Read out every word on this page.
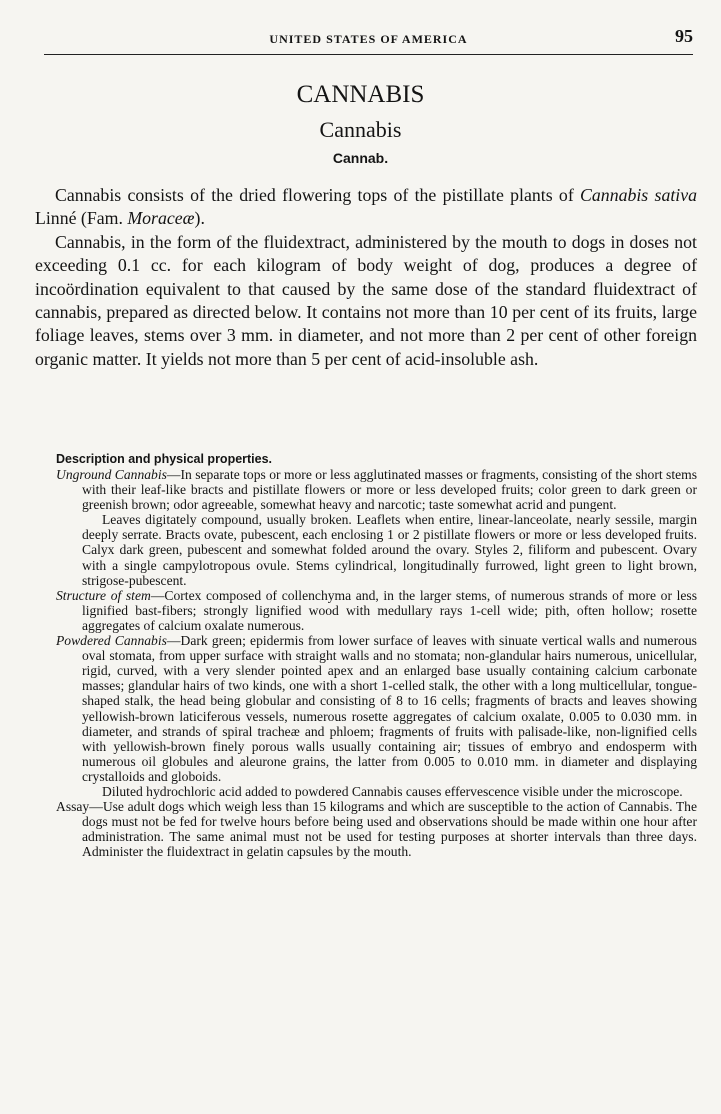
UNITED STATES OF AMERICA	95
CANNABIS
Cannabis
Cannab.

Cannabis consists of the dried flowering tops of the pistillate plants of Cannabis sativa Linné (Fam. Moraceæ).

Cannabis, in the form of the fluidextract, administered by the mouth to dogs in doses not exceeding 0.1 cc. for each kilogram of body weight of dog, produces a degree of incoördination equivalent to that caused by the same dose of the standard fluidextract of cannabis, prepared as directed below. It contains not more than 10 per cent of its fruits, large foliage leaves, stems over 3 mm. in diameter, and not more than 2 per cent of other foreign organic matter. It yields not more than 5 per cent of acid-insoluble ash.

Description and physical properties.

Unground Cannabis—In separate tops or more or less agglutinated masses or fragments, consisting of the short stems with their leaf-like bracts and pistillate flowers or more or less developed fruits; color green to dark green or greenish brown; odor agreeable, somewhat heavy and narcotic; taste somewhat acrid and pungent.

Leaves digitately compound, usually broken. Leaflets when entire, linear-lanceolate, nearly sessile, margin deeply serrate. Bracts ovate, pubescent, each enclosing 1 or 2 pistillate flowers or more or less developed fruits. Calyx dark green, pubescent and somewhat folded around the ovary. Styles 2, filiform and pubescent. Ovary with a single campylotropous ovule. Stems cylindrical, longitudinally furrowed, light green to light brown, strigose-pubescent.

Structure of stem—Cortex composed of collenchyma and, in the larger stems, of numerous strands of more or less lignified bast-fibers; strongly lignified wood with medullary rays 1-cell wide; pith, often hollow; rosette aggregates of calcium oxalate numerous.

Powdered Cannabis—Dark green; epidermis from lower surface of leaves with sinuate vertical walls and numerous oval stomata, from upper surface with straight walls and no stomata; non-glandular hairs numerous, unicellular, rigid, curved, with a very slender pointed apex and an enlarged base usually containing calcium carbonate masses; glandular hairs of two kinds, one with a short 1-celled stalk, the other with a long multicellular, tongue-shaped stalk, the head being globular and consisting of 8 to 16 cells; fragments of bracts and leaves showing yellowish-brown laticiferous vessels, numerous rosette aggregates of calcium oxalate, 0.005 to 0.030 mm. in diameter, and strands of spiral tracheæ and phloem; fragments of fruits with palisade-like, non-lignified cells with yellowish-brown finely porous walls usually containing air; tissues of embryo and endosperm with numerous oil globules and aleurone grains, the latter from 0.005 to 0.010 mm. in diameter and displaying crystalloids and globoids.

Diluted hydrochloric acid added to powdered Cannabis causes effervescence visible under the microscope.

Assay—Use adult dogs which weigh less than 15 kilograms and which are susceptible to the action of Cannabis. The dogs must not be fed for twelve hours before being used and observations should be made within one hour after administration. The same animal must not be used for testing purposes at shorter intervals than three days. Administer the fluidextract in gelatin capsules by the mouth.
